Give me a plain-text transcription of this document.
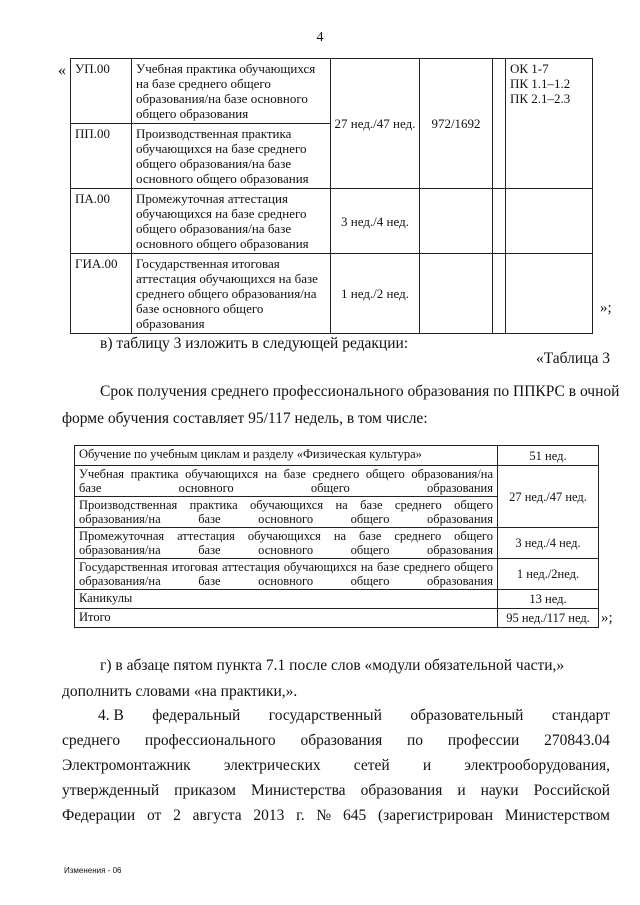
4
« УП.00	Учебная практика обучающихся на базе среднего общего образования/на базе основного общего образования	27 нед./47 нед.	972/1692		ОК 1-7
ПК 1.1–1.2
ПК 2.1–2.3

ПП.00	Производственная практика обучающихся на базе среднего общего образования/на базе основного общего образования				
ПА.00	Промежуточная аттестация обучающихся на базе среднего общего образования/на базе основного общего образования	3 нед./4 нед.			
ГИА.00	Государственная итоговая аттестация обучающихся на базе среднего общего образования/на базе основного общего образования	1 нед./2 нед.			
»;
в) таблицу 3 изложить в следующей редакции:
«Таблица 3
Срок получения среднего профессионального образования по ППКРС в очной
форме обучения составляет 95/117 недель, в том числе:
Обучение по учебным циклам и разделу «Физическая культура»	51 нед.
Учебная практика обучающихся на базе среднего общего образования/на базе основного общего образования	27 нед./47 нед.
Производственная практика обучающихся на базе среднего общего образования/на базе основного общего образования	
Промежуточная аттестация обучающихся на базе среднего общего образования/на базе основного общего образования	3 нед./4 нед.
Государственная итоговая аттестация обучающихся на базе среднего общего образования/на базе основного общего образования	1 нед./2нед.
Каникулы	13 нед.
Итого	95 нед./117 нед. »;
г) в абзаце пятом пункта 7.1 после слов «модули обязательной части,»
дополнить словами «на практики,».
4. В федеральный государственный образовательный стандарт
среднего профессионального образования по профессии 270843.04
Электромонтажник электрических сетей и электрооборудования,
утвержденный приказом Министерства образования и науки Российской
Федерации от 2 августа 2013 г. № 645 (зарегистрирован Министерством
Изменения - 06
